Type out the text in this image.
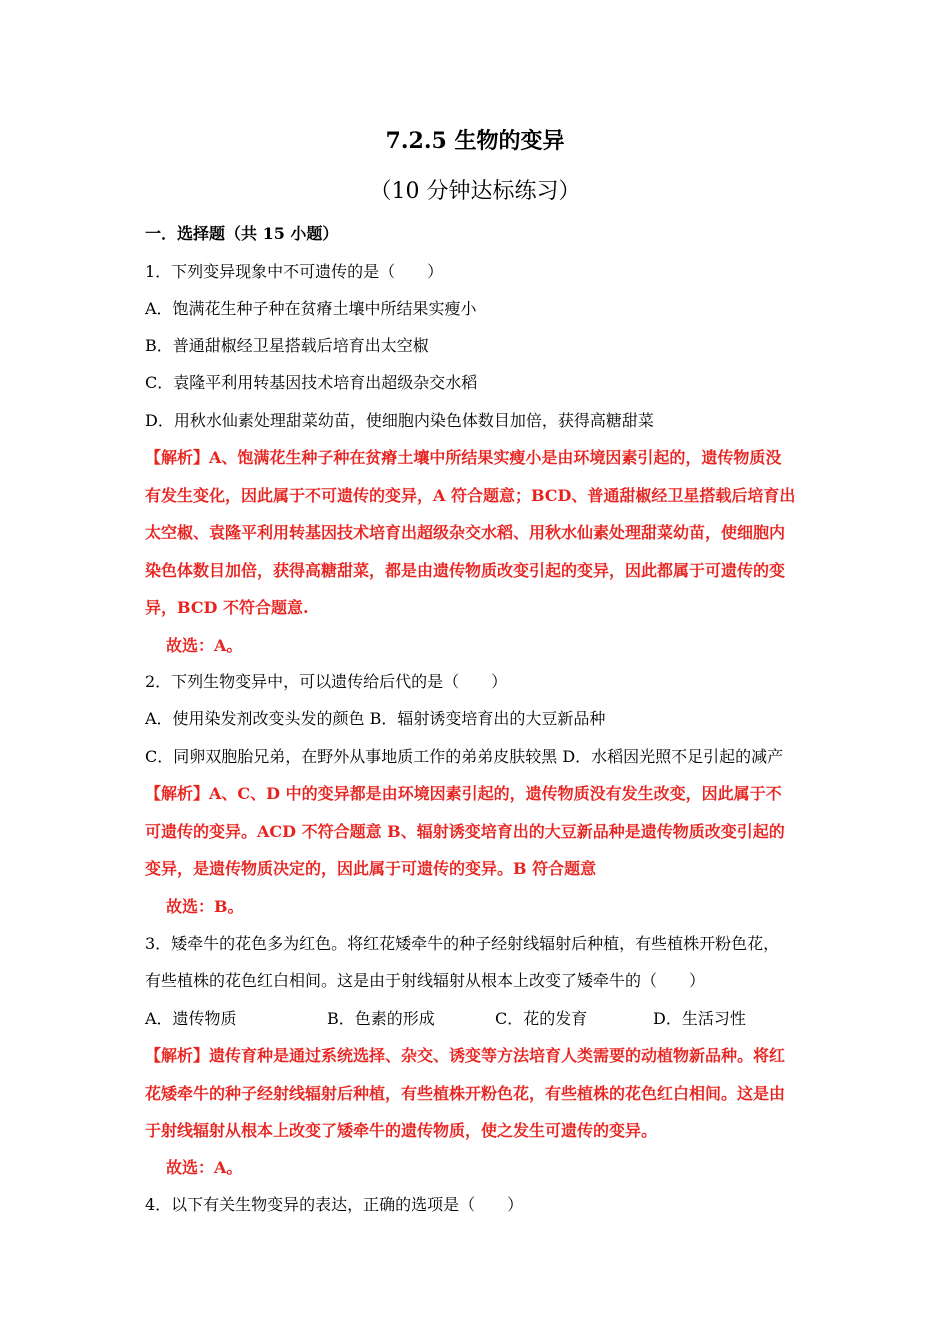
7.2.5 生物的变异
（10 分钟达标练习）
一．选择题（共 15 小题）
1．下列变异现象中不可遗传的是（　　）
A．饱满花生种子种在贫瘠土壤中所结果实瘦小
B．普通甜椒经卫星搭载后培育出太空椒
C．袁隆平利用转基因技术培育出超级杂交水稻
D．用秋水仙素处理甜菜幼苗，使细胞内染色体数目加倍，获得高糖甜菜
【解析】A、饱满花生种子种在贫瘠土壤中所结果实瘦小是由环境因素引起的，遗传物质没
有发生变化，因此属于不可遗传的变异，A 符合题意；BCD、普通甜椒经卫星搭载后培育出
太空椒、袁隆平利用转基因技术培育出超级杂交水稻、用秋水仙素处理甜菜幼苗，使细胞内
染色体数目加倍，获得高糖甜菜，都是由遗传物质改变引起的变异，因此都属于可遗传的变
异，BCD 不符合题意.
故选：A。
2．下列生物变异中，可以遗传给后代的是（　　）
A．使用染发剂改变头发的颜色 B．辐射诱变培育出的大豆新品种
C．同卵双胞胎兄弟，在野外从事地质工作的弟弟皮肤较黑 D．水稻因光照不足引起的减产
【解析】A、C、D 中的变异都是由环境因素引起的，遗传物质没有发生改变，因此属于不
可遗传的变异。ACD 不符合题意 B、辐射诱变培育出的大豆新品种是遗传物质改变引起的
变异，是遗传物质决定的，因此属于可遗传的变异。B 符合题意
故选：B。
3．矮牵牛的花色多为红色。将红花矮牵牛的种子经射线辐射后种植，有些植株开粉色花，
有些植株的花色红白相间。这是由于射线辐射从根本上改变了矮牵牛的（　　）
A．遗传物质	B．色素的形成	C．花的发育	D．生活习性
【解析】遗传育种是通过系统选择、杂交、诱变等方法培育人类需要的动植物新品种。将红
花矮牵牛的种子经射线辐射后种植，有些植株开粉色花，有些植株的花色红白相间。这是由
于射线辐射从根本上改变了矮牵牛的遗传物质，使之发生可遗传的变异。
故选：A。
4．以下有关生物变异的表达，正确的选项是（　　）
